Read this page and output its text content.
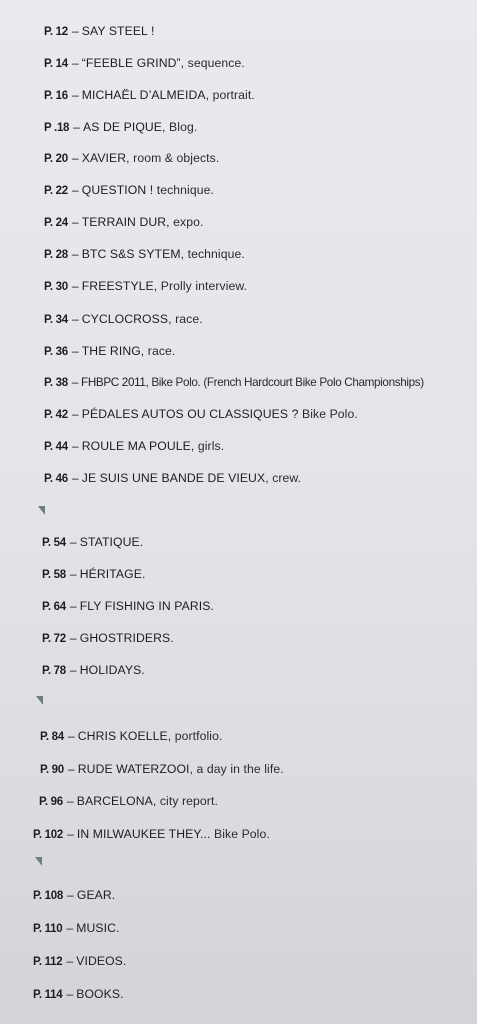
P. 12 – SAY STEEL !
P. 14 – “FEEBLE GRIND”, sequence.
P. 16 – MICHAËL D’ALMEIDA, portrait.
P .18 – AS DE PIQUE, Blog.
P. 20 – XAVIER, room & objects.
P. 22 – QUESTION ! technique.
P. 24 – TERRAIN DUR, expo.
P. 28 – BTC S&S SYTEM, technique.
P. 30 – FREESTYLE, Prolly interview.
P. 34 – CYCLOCROSS, race.
P. 36 – THE RING, race.
P. 38 – FHBPC 2011, Bike Polo. (French Hardcourt Bike Polo Championships)
P. 42 – PÉDALES AUTOS OU CLASSIQUES ? Bike Polo.
P. 44 – ROULE MA POULE, girls.
P. 46 – JE SUIS UNE BANDE DE VIEUX, crew.
P. 54 – STATIQUE.
P. 58 – HÉRITAGE.
P. 64 – FLY FISHING IN PARIS.
P. 72 – GHOSTRIDERS.
P. 78 – HOLIDAYS.
P. 84 – CHRIS KOELLE, portfolio.
P. 90 – RUDE WATERZOOI, a day in the life.
P. 96 – BARCELONA, city report.
P. 102 – IN MILWAUKEE THEY... Bike Polo.
P. 108 – GEAR.
P. 110 – MUSIC.
P. 112 – VIDEOS.
P. 114 – BOOKS.
